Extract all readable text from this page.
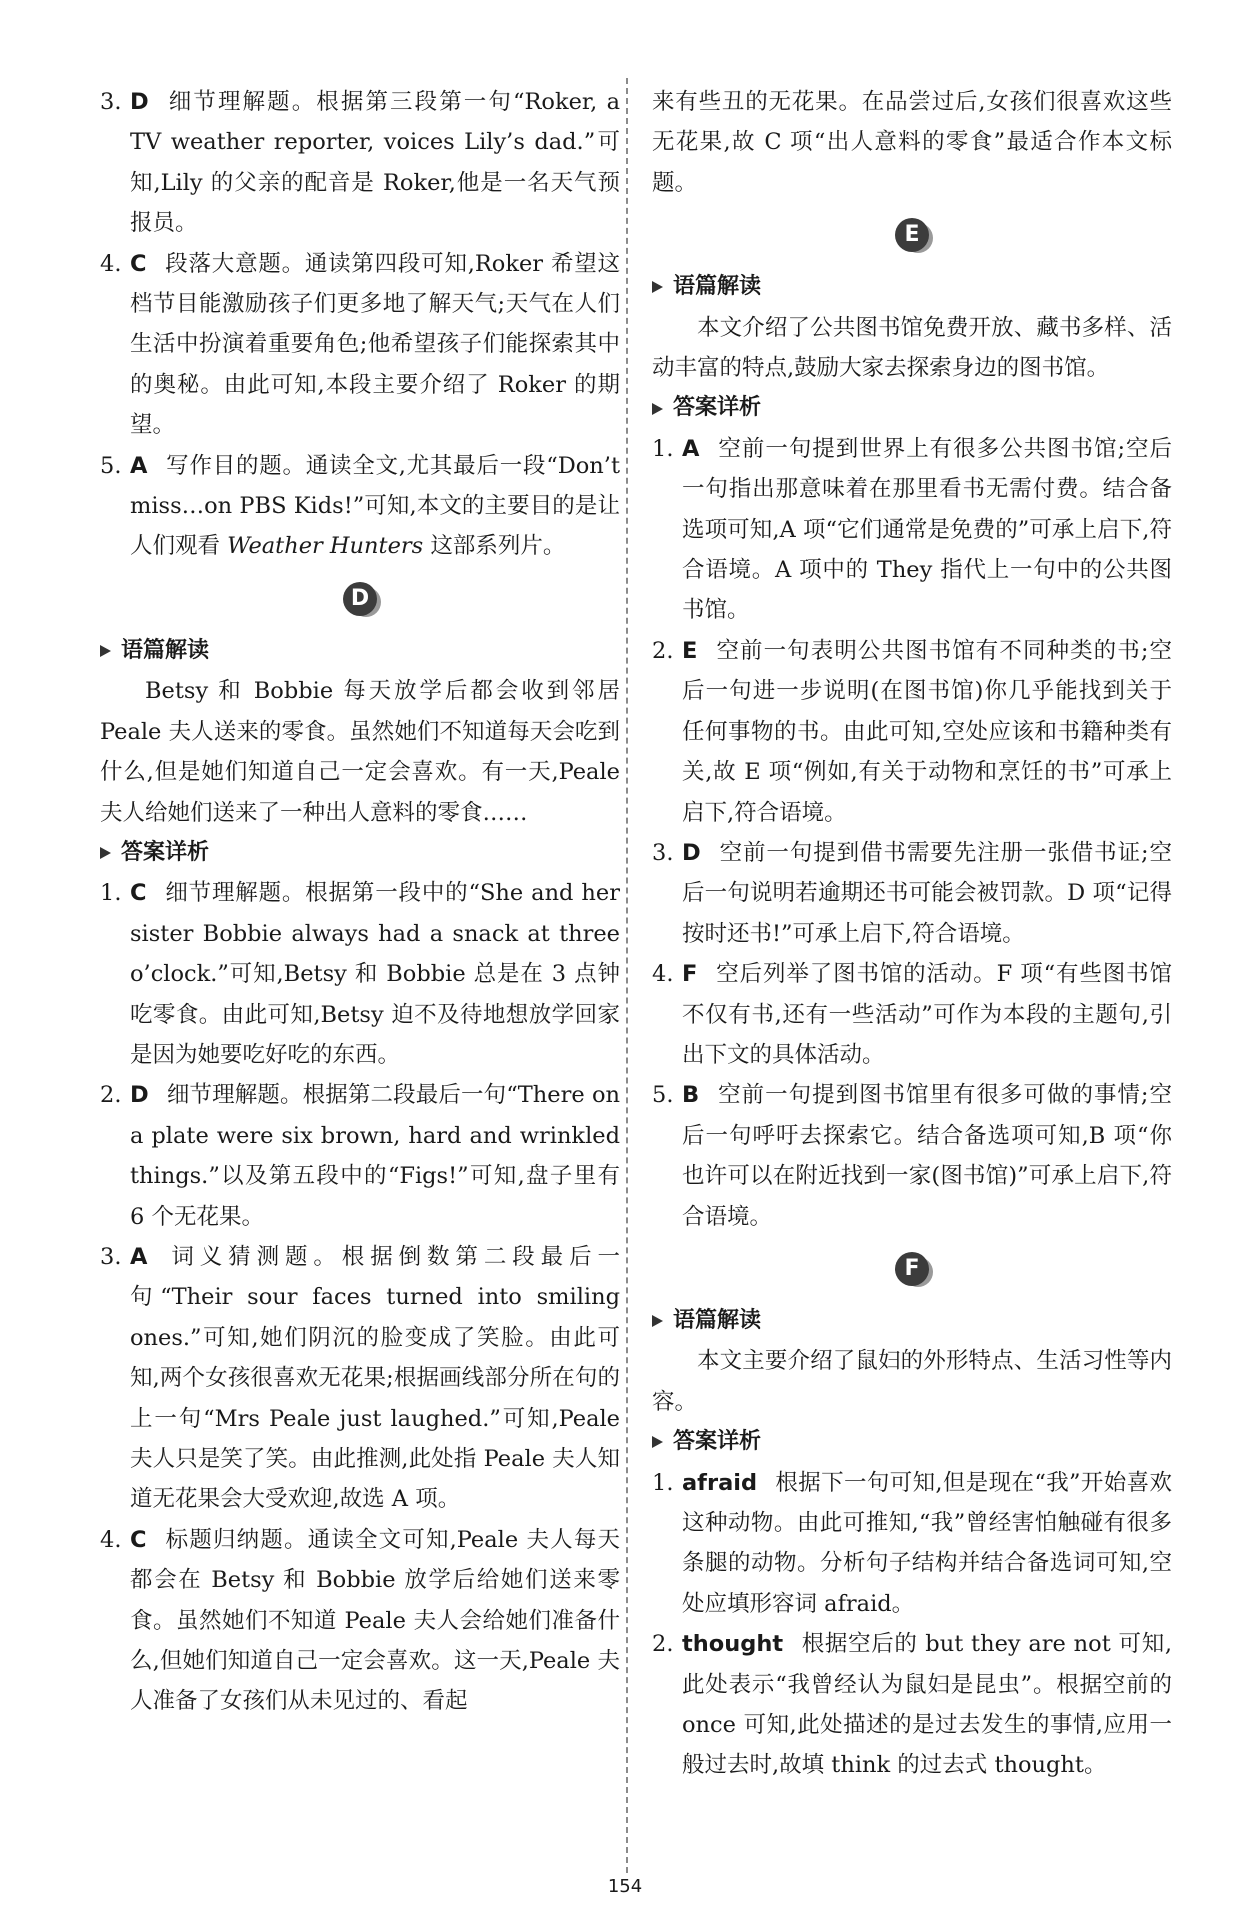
3. D 细节理解题。根据第三段第一句“Roker, a TV weather reporter, voices Lily’s dad.”可知,Lily 的父亲的配音是 Roker,他是一名天气预报员。
4. C 段落大意题。通读第四段可知,Roker 希望这档节目能激励孩子们更多地了解天气;天气在人们生活中扮演着重要角色;他希望孩子们能探索其中的奥秘。由此可知,本段主要介绍了 Roker 的期望。
5. A 写作目的题。通读全文,尤其最后一段“Don’t miss…on PBS Kids!”可知,本文的主要目的是让人们观看 Weather Hunters 这部系列片。
D
语篇解读
Betsy 和 Bobbie 每天放学后都会收到邻居 Peale 夫人送来的零食。虽然她们不知道每天会吃到什么,但是她们知道自己一定会喜欢。有一天,Peale 夫人给她们送来了一种出人意料的零食……
答案详析
1. C 细节理解题。根据第一段中的“She and her sister Bobbie always had a snack at three o’clock.”可知,Betsy 和 Bobbie 总是在 3 点钟吃零食。由此可知,Betsy 迫不及待地想放学回家是因为她要吃好吃的东西。
2. D 细节理解题。根据第二段最后一句“There on a plate were six brown, hard and wrinkled things.”以及第五段中的“Figs!”可知,盘子里有 6 个无花果。
3. A 词义猜测题。根据倒数第二段最后一句“Their sour faces turned into smiling ones.”可知,她们阴沉的脸变成了笑脸。由此可知,两个女孩很喜欢无花果;根据画线部分所在句的上一句“Mrs Peale just laughed.”可知,Peale 夫人只是笑了笑。由此推测,此处指 Peale 夫人知道无花果会大受欢迎,故选 A 项。
4. C 标题归纳题。通读全文可知,Peale 夫人每天都会在 Betsy 和 Bobbie 放学后给她们送来零食。虽然她们不知道 Peale 夫人会给她们准备什么,但她们知道自己一定会喜欢。这一天,Peale 夫人准备了女孩们从未见过的、看起
来有些丑的无花果。在品尝过后,女孩们很喜欢这些无花果,故 C 项“出人意料的零食”最适合作本文标题。
E
语篇解读
本文介绍了公共图书馆免费开放、藏书多样、活动丰富的特点,鼓励大家去探索身边的图书馆。
答案详析
1. A 空前一句提到世界上有很多公共图书馆;空后一句指出那意味着在那里看书无需付费。结合备选项可知,A 项“它们通常是免费的”可承上启下,符合语境。A 项中的 They 指代上一句中的公共图书馆。
2. E 空前一句表明公共图书馆有不同种类的书;空后一句进一步说明(在图书馆)你几乎能找到关于任何事物的书。由此可知,空处应该和书籍种类有关,故 E 项“例如,有关于动物和烹饪的书”可承上启下,符合语境。
3. D 空前一句提到借书需要先注册一张借书证;空后一句说明若逾期还书可能会被罚款。D 项“记得按时还书!”可承上启下,符合语境。
4. F 空后列举了图书馆的活动。F 项“有些图书馆不仅有书,还有一些活动”可作为本段的主题句,引出下文的具体活动。
5. B 空前一句提到图书馆里有很多可做的事情;空后一句呼吁去探索它。结合备选项可知,B 项“你也许可以在附近找到一家(图书馆)”可承上启下,符合语境。
F
语篇解读
本文主要介绍了鼠妇的外形特点、生活习性等内容。
答案详析
1. afraid 根据下一句可知,但是现在“我”开始喜欢这种动物。由此可推知,“我”曾经害怕触碰有很多条腿的动物。分析句子结构并结合备选词可知,空处应填形容词 afraid。
2. thought 根据空后的 but they are not 可知,此处表示“我曾经认为鼠妇是昆虫”。根据空前的 once 可知,此处描述的是过去发生的事情,应用一般过去时,故填 think 的过去式 thought。
154
